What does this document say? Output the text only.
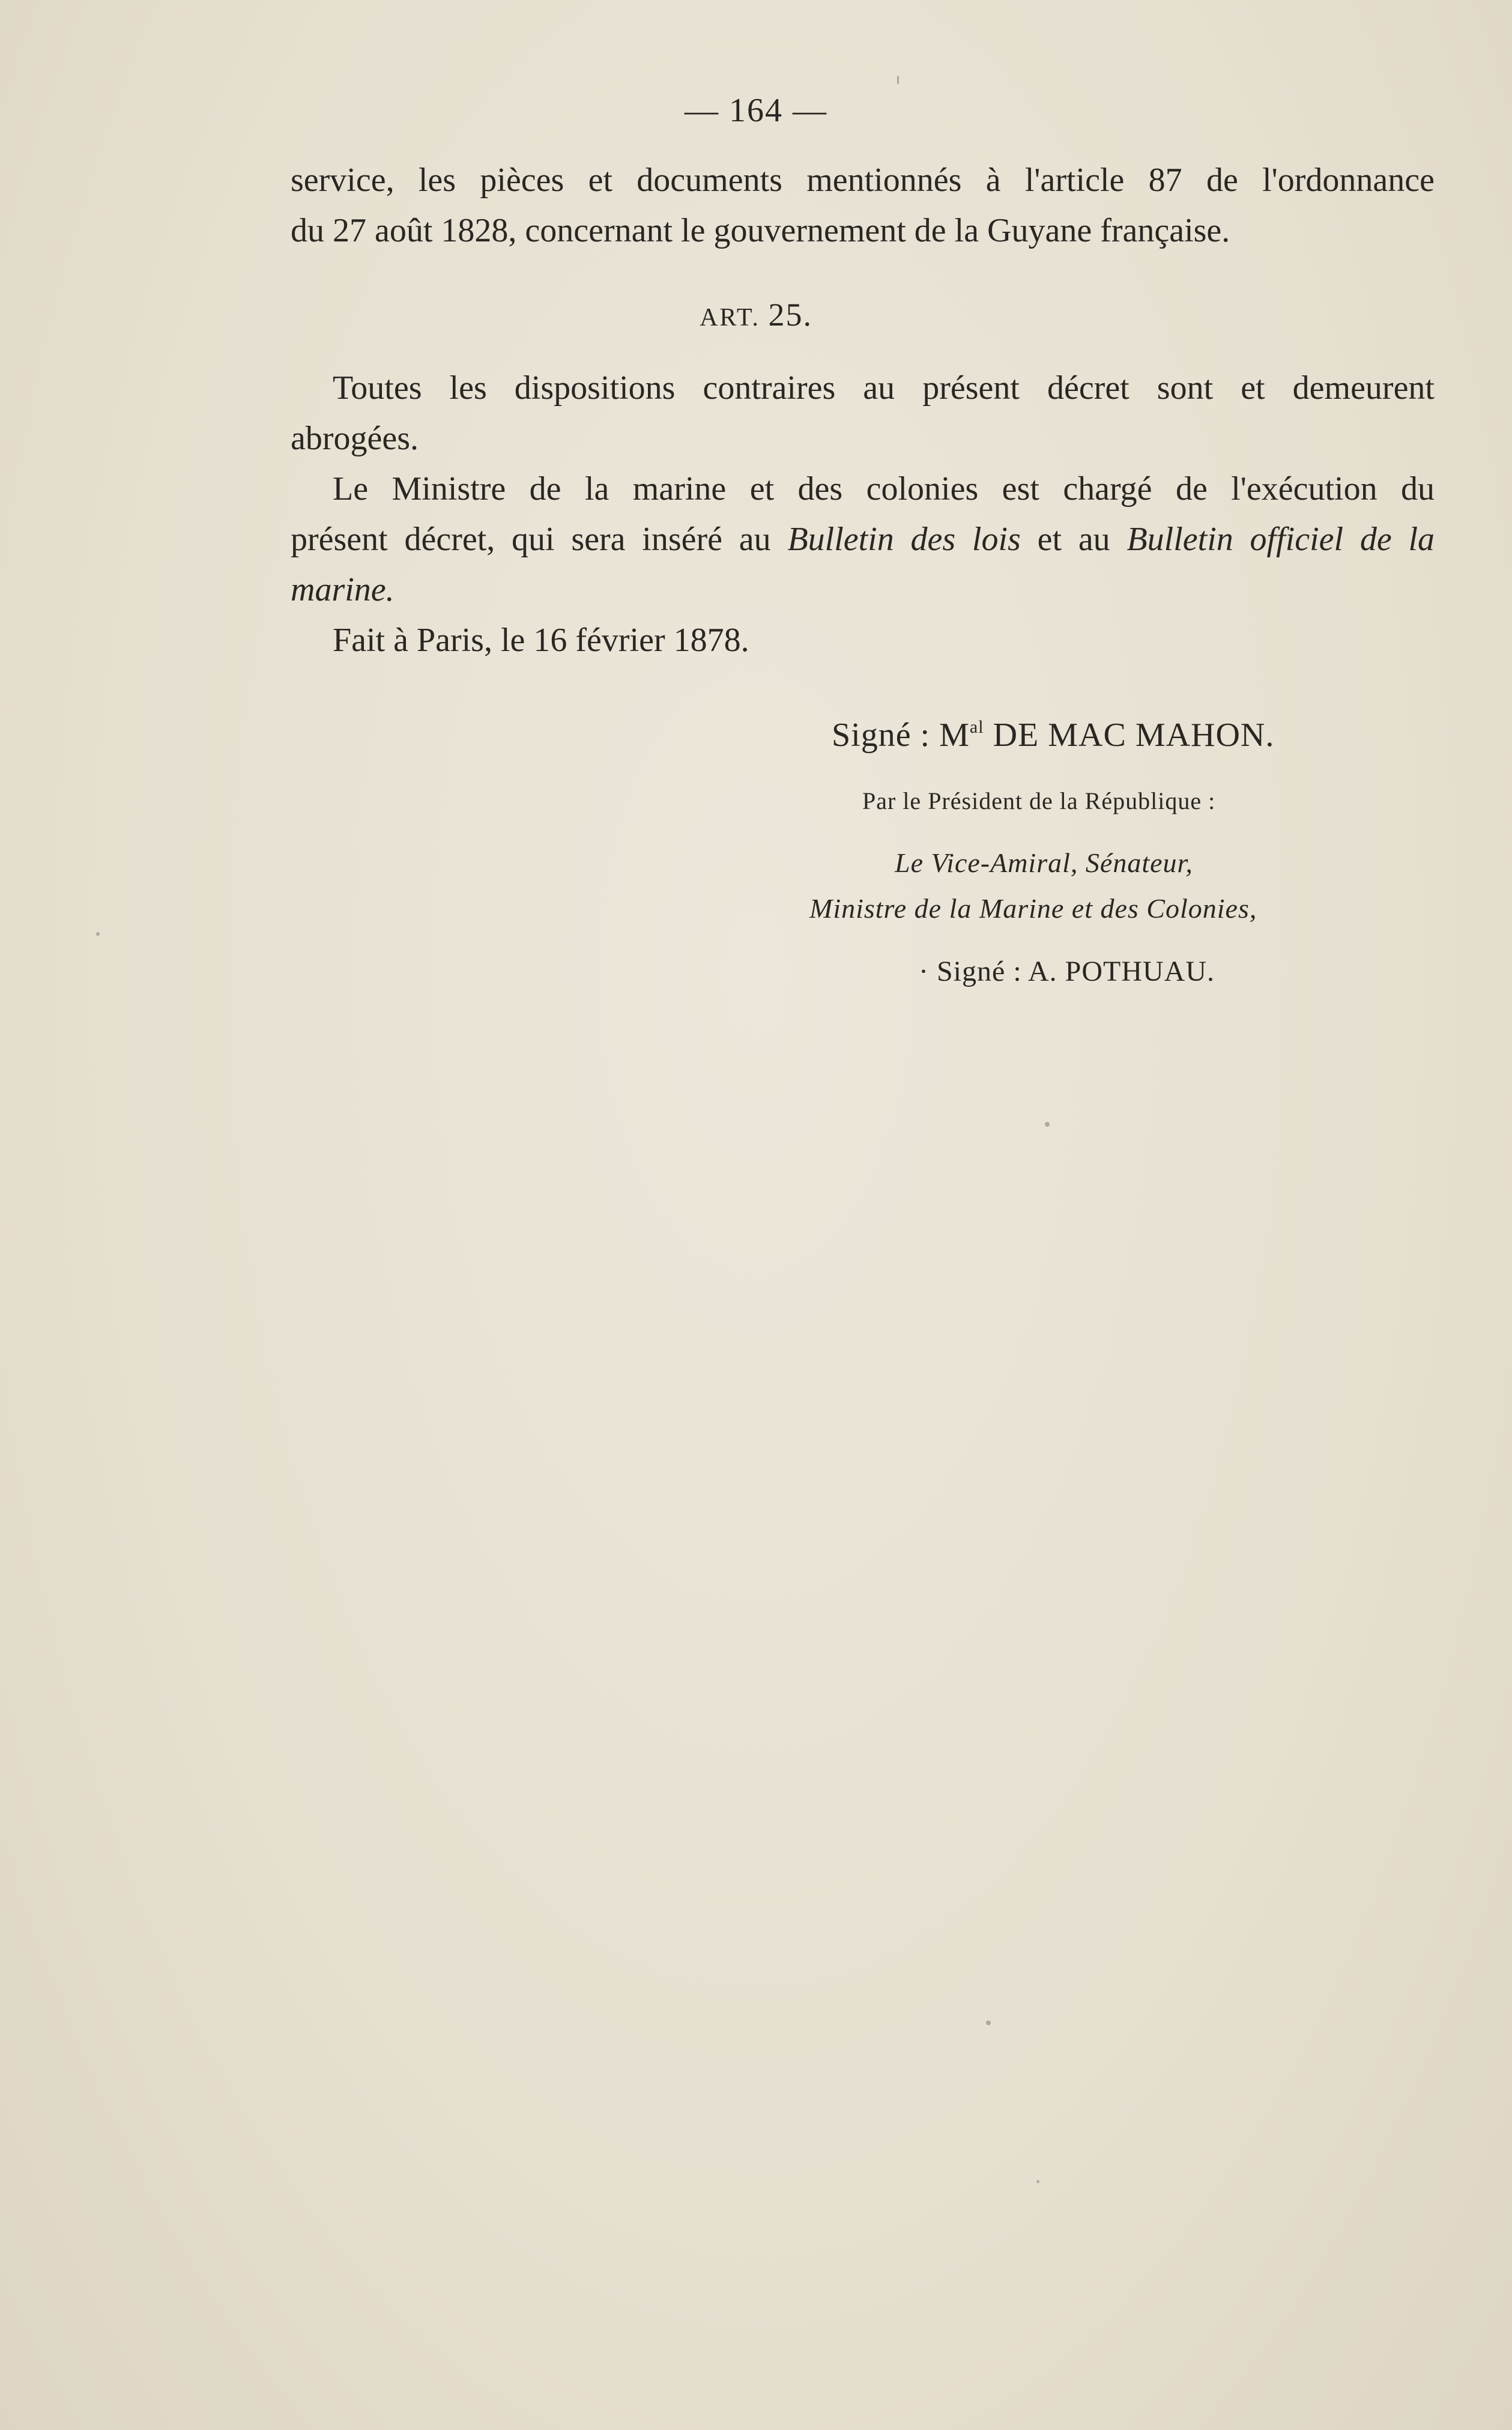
— 164 —
service, les pièces et documents mentionnés à l'article 87 de l'ordonnance
du 27 août 1828, concernant le gouvernement de la Guyane française.
ART. 25.
Toutes les dispositions contraires au présent décret sont et demeurent
abrogées.
Le Ministre de la marine et des colonies est chargé de l'exécution du
présent décret, qui sera inséré au Bulletin des lois et au Bulletin officiel de la
marine.
Fait à Paris, le 16 février 1878.
Signé : $M^{al}$ DE MAC MAHON.
Par le Président de la République :
Le Vice-Amiral, Sénateur,
Ministre de la Marine et des Colonies,
· Signé : A. POTHUAU.
